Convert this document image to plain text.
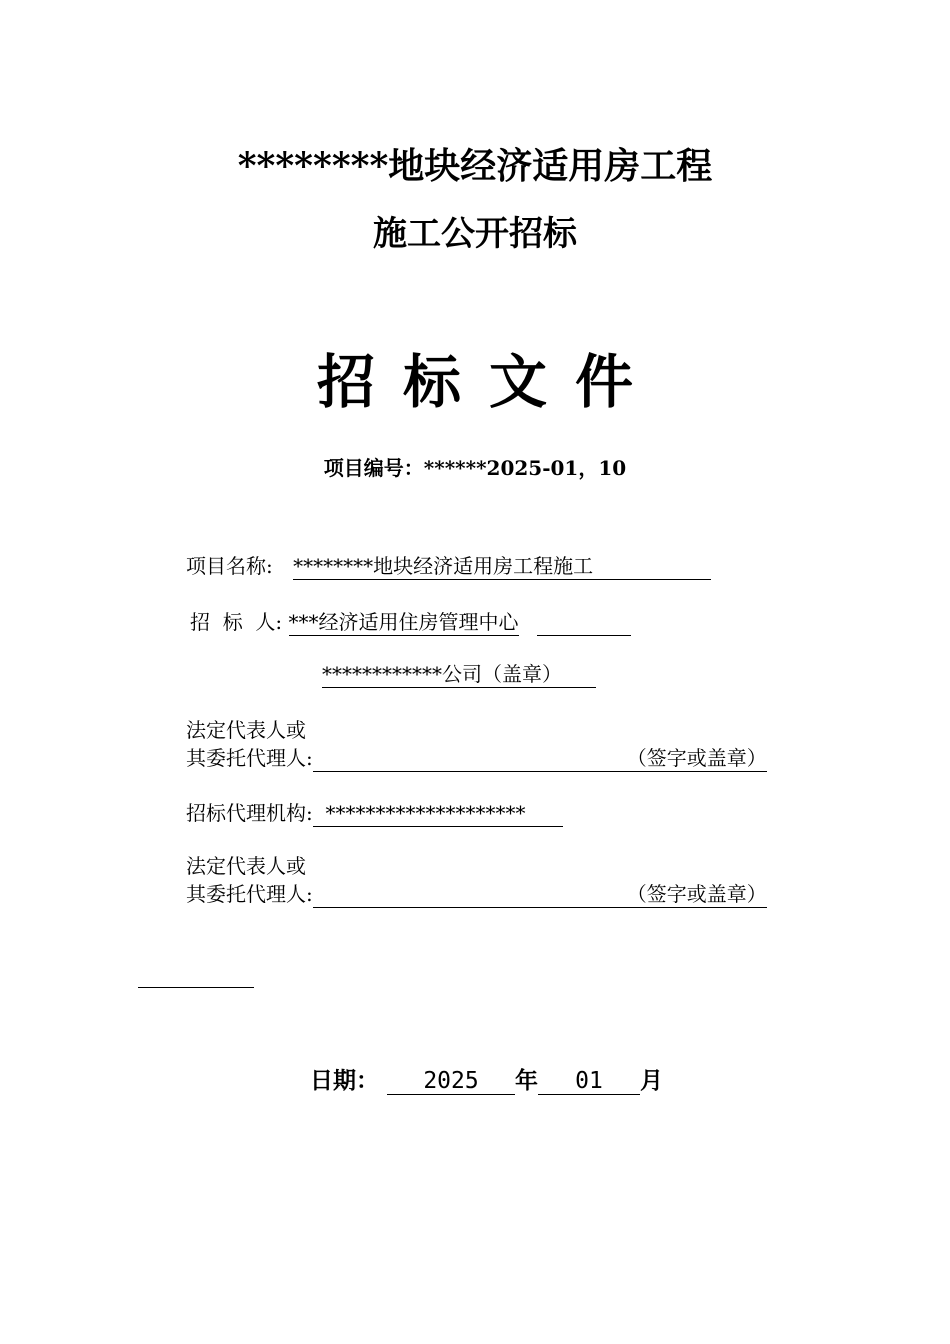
********地块经济适用房工程
施工公开招标
招标文件
项目编号：******2025-01，10
项目名称: ********地块经济适用房工程施工
招  标  人: ***经济适用住房管理中心
************公司（盖章）
法定代表人或
其委托代理人:	（签字或盖章）
招标代理机构:  ********************
法定代表人或
其委托代理人:	（签字或盖章）
日期： 2025 年 01 月
